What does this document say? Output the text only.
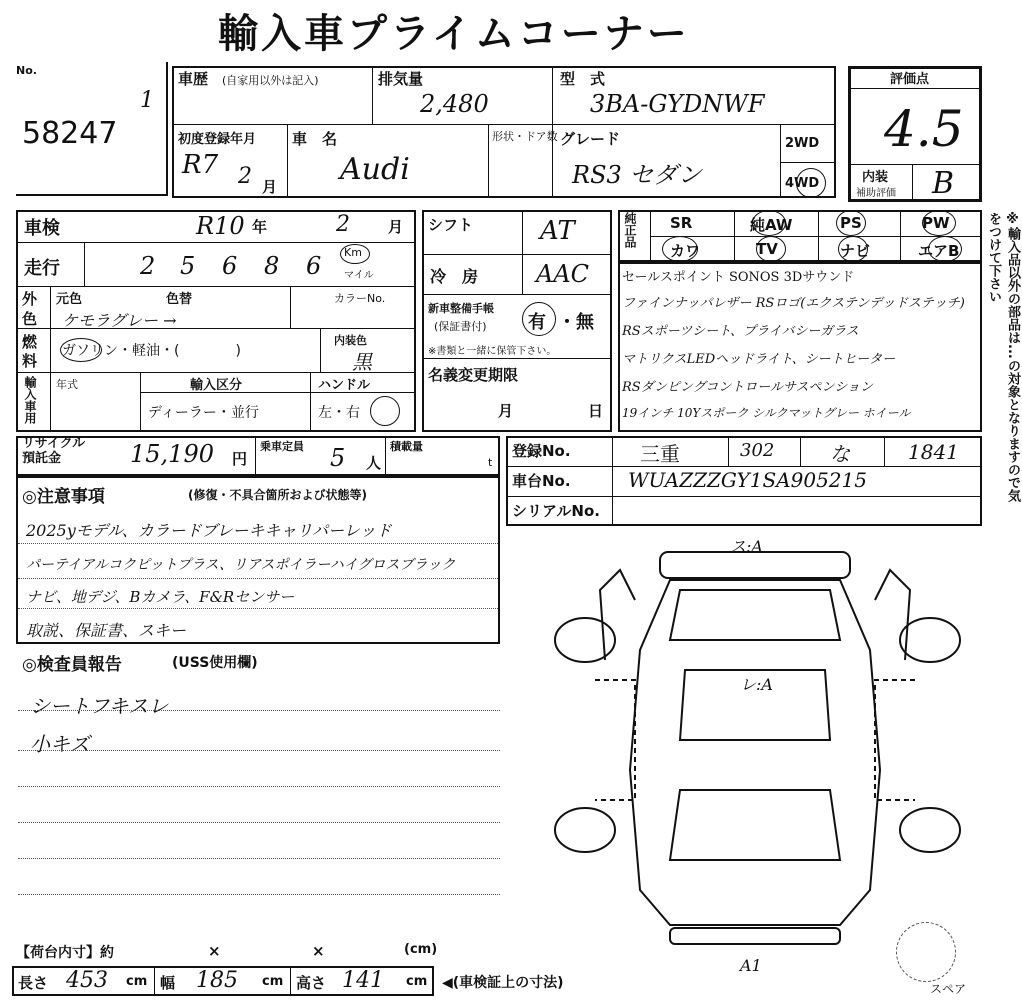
輸入車プライムコーナー
No.
58247
1
車歴 (自家用以外は記入)	排気量
2,480
型　式
3BA-GYDNWF
初度登録年月
R7 2 月
車　名
Audi
形状・ドア数 グレード
RS3 セダン
2WD
4WD
評価点
4.5
内装
補助評価 B
車検	R10 年	2	月
走行	2 5 6 8 6 Km
マイル
外
色
元色	色替
ケモラグレー →
カラーNo.
燃
料
ガソリン・軽油・(　　　　)
内装色
黒
輸入車用 年式	輸入区分
ディーラー・並行
ハンドル
左・右
シフト	AT
冷　房 AAC
新車整備手帳
(保証書付) 有 ・無
※書類と一緒に保管下さい。
名義変更期限
月	日
純正品 SR	純AW	PS	PW
カワ	TV	ナビ	エアB
セールスポイント SONOS 3Dサウンド
ファインナッパレザー RSロゴ(エクステンデッドステッチ)
RSスポーツシート、プライバシーガラス
マトリクスLEDヘッドライト、シートヒーター
RSダンピングコントロールサスペンション
19インチ 10Yスポーク シルクマットグレー ホイール
リサイクル預託金	15,190 円
乗車定員 5 人
積載量
t
登録No.	三重	302	な	1841
車台No.	WUAZZZGY1SA905215
シリアルNo.
◎注意事項	(修復・不具合箇所および状態等)
2025yモデル、カラードブレーキキャリパーレッド
パーテイアルコクピットプラス、リアスポイラーハイグロスブラック
ナビ、地デジ、Bカメラ、F&Rセンサー
取説、保証書、スキー
◎検査員報告	(USS使用欄)
シートフキスレ
小キズ
ス:A
レ:A
A1
スペア
【荷台内寸】約	×	×	(cm)
長さ 453 cm 幅 185 cm 高さ 141 cm ◀(車検証上の寸法)
※輸入品以外の部品は...の対象となりますので気をつけて下さい
